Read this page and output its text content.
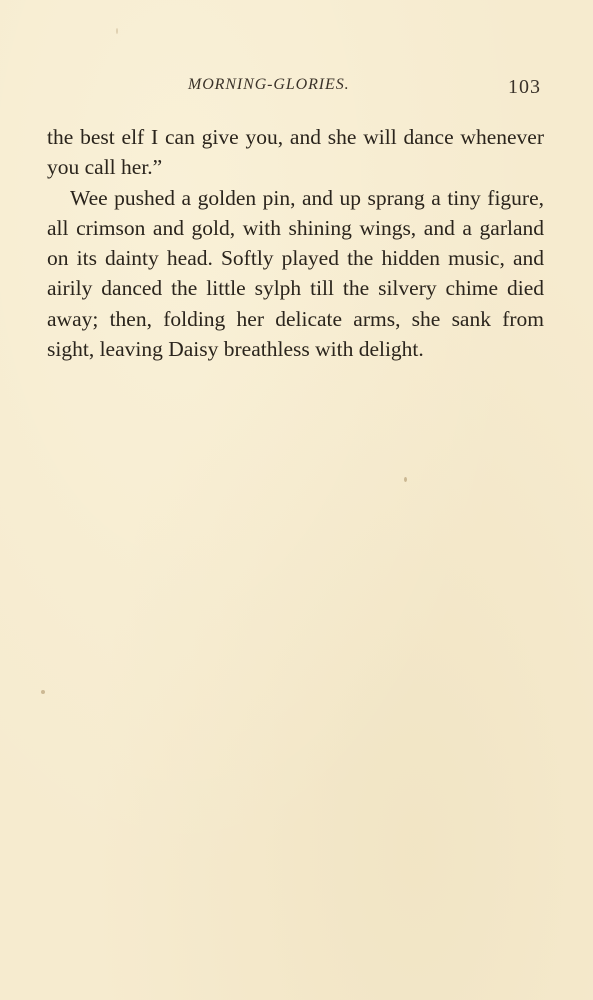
MORNING-GLORIES.	103

the best elf I can give you, and she will dance whenever you call her.”

Wee pushed a golden pin, and up sprang a tiny figure, all crimson and gold, with shining wings, and a garland on its dainty head. Softly played the hidden music, and airily danced the little sylph till the silvery chime died away; then, folding her delicate arms, she sank from sight, leaving Daisy breathless with delight.
